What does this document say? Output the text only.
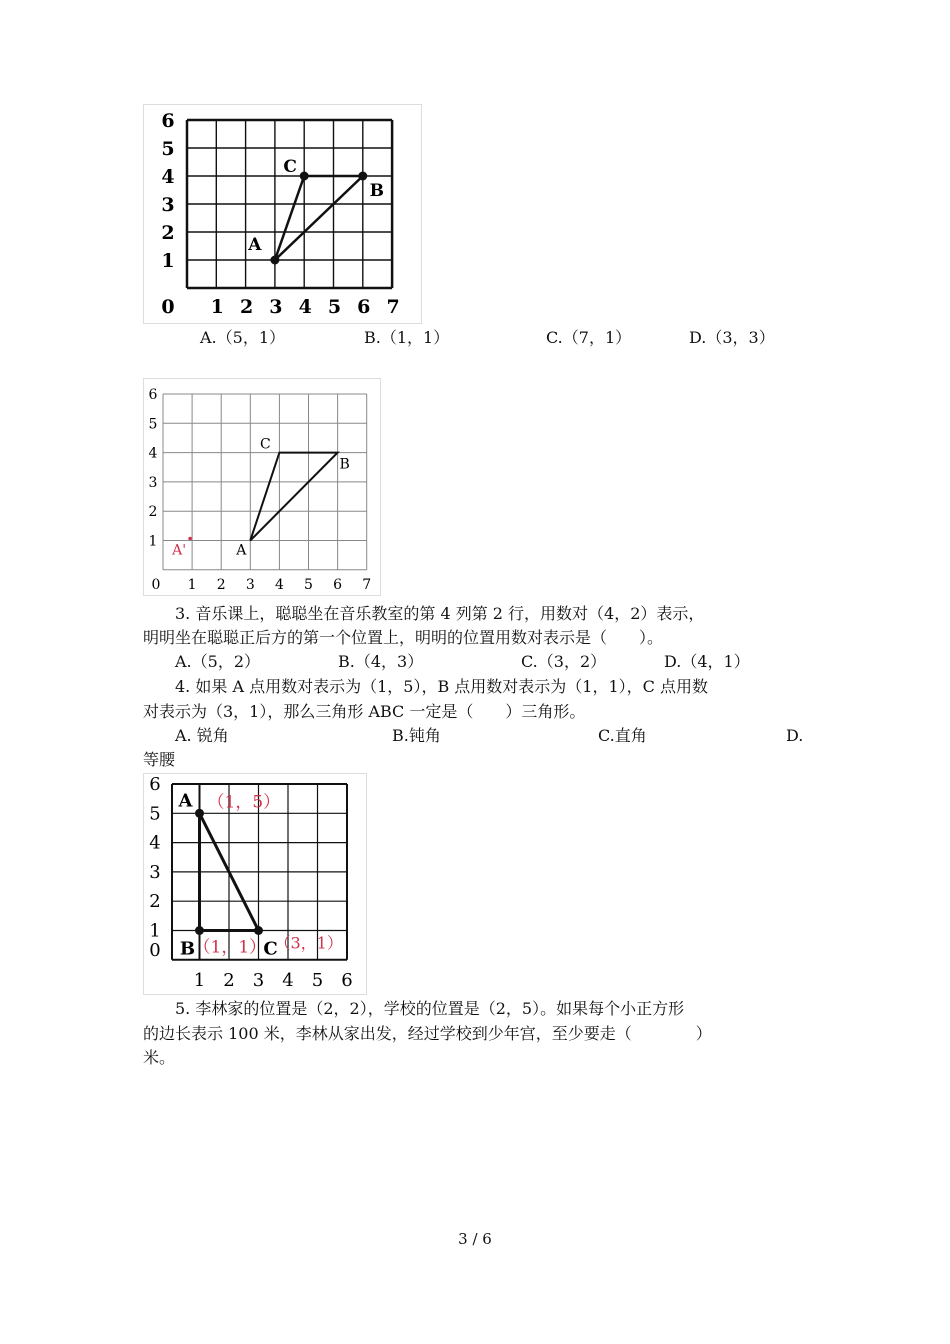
6
5
4
3
2
1
0 1 2 3 4 5 6 7
A
B
C
A.（5，1）	B.（1，1）	C.（7，1）	D.（3，3）
6
5
4
3
2
1
0 1 2 3 4 5 6 7
A
B
C
A'
3. 音乐课上，聪聪坐在音乐教室的第 4 列第 2 行，用数对（4，2）表示，
明明坐在聪聪正后方的第一个位置上，明明的位置用数对表示是（　　）。
A.（5，2）	B.（4，3）	C.（3，2）	D.（4，1）
4. 如果 A 点用数对表示为（1，5），B 点用数对表示为（1，1），C 点用数
对表示为（3，1），那么三角形 ABC 一定是（　　）三角形。
A. 锐角	B.钝角	C.直角	D.
等腰
6
5
4
3
2
1
0
1 2 3 4 5 6
A
B	C
（1，5）
（1，1） （3，1）
5. 李林家的位置是（2，2），学校的位置是（2，5）。如果每个小正方形
的边长表示 100 米，李林从家出发，经过学校到少年宫，至少要走（　　　　）
米。
3 / 6
